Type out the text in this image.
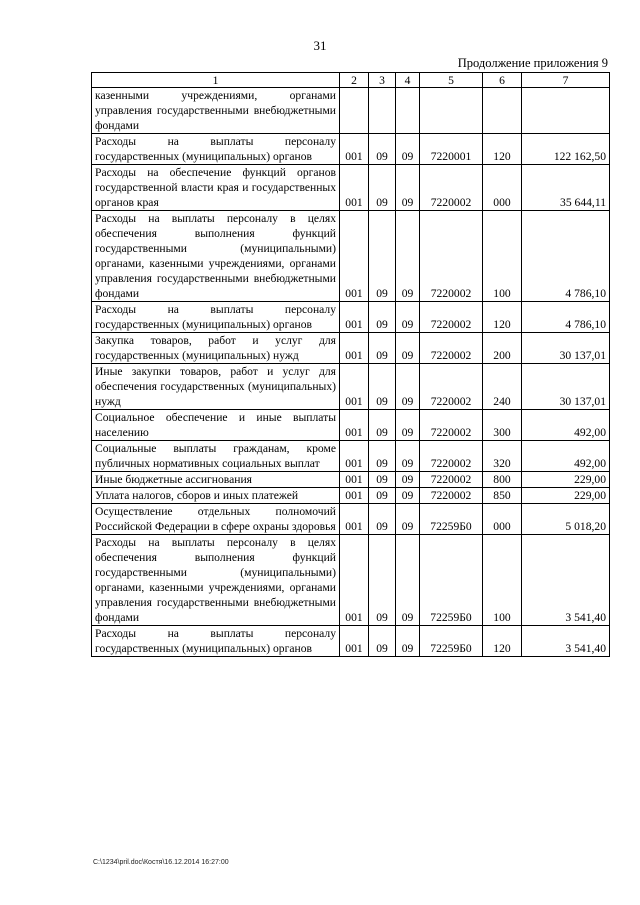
31
Продолжение приложения 9
1	2	3	4	5	6	7
казенными учреждениями, органами управления государственными внебюджетными фондами						
Расходы на выплаты персоналу государственных (муниципальных) органов	001	09	09	7220001	120	122 162,50
Расходы на обеспечение функций органов государственной власти края и государственных органов края	001	09	09	7220002	000	35 644,11
Расходы на выплаты персоналу в целях обеспечения выполнения функций государственными (муниципальными) органами, казенными учреждениями, органами управления государственными внебюджетными фондами	001	09	09	7220002	100	4 786,10
Расходы на выплаты персоналу государственных (муниципальных) органов	001	09	09	7220002	120	4 786,10
Закупка товаров, работ и услуг для государственных (муниципальных) нужд	001	09	09	7220002	200	30 137,01
Иные закупки товаров, работ и услуг для обеспечения государственных (муниципальных) нужд	001	09	09	7220002	240	30 137,01
Социальное обеспечение и иные выплаты населению	001	09	09	7220002	300	492,00
Социальные выплаты гражданам, кроме публичных нормативных социальных выплат	001	09	09	7220002	320	492,00
Иные бюджетные ассигнования	001	09	09	7220002	800	229,00
Уплата налогов, сборов и иных платежей	001	09	09	7220002	850	229,00
Осуществление отдельных полномочий Российской Федерации в сфере охраны здоровья	001	09	09	72259Б0	000	5 018,20
Расходы на выплаты персоналу в целях обеспечения выполнения функций государственными (муниципальными) органами, казенными учреждениями, органами управления государственными внебюджетными фондами	001	09	09	72259Б0	100	3 541,40
Расходы на выплаты персоналу государственных (муниципальных) органов	001	09	09	72259Б0	120	3 541,40
C:\1234\pril.doc\Костя\16.12.2014 16:27:00
